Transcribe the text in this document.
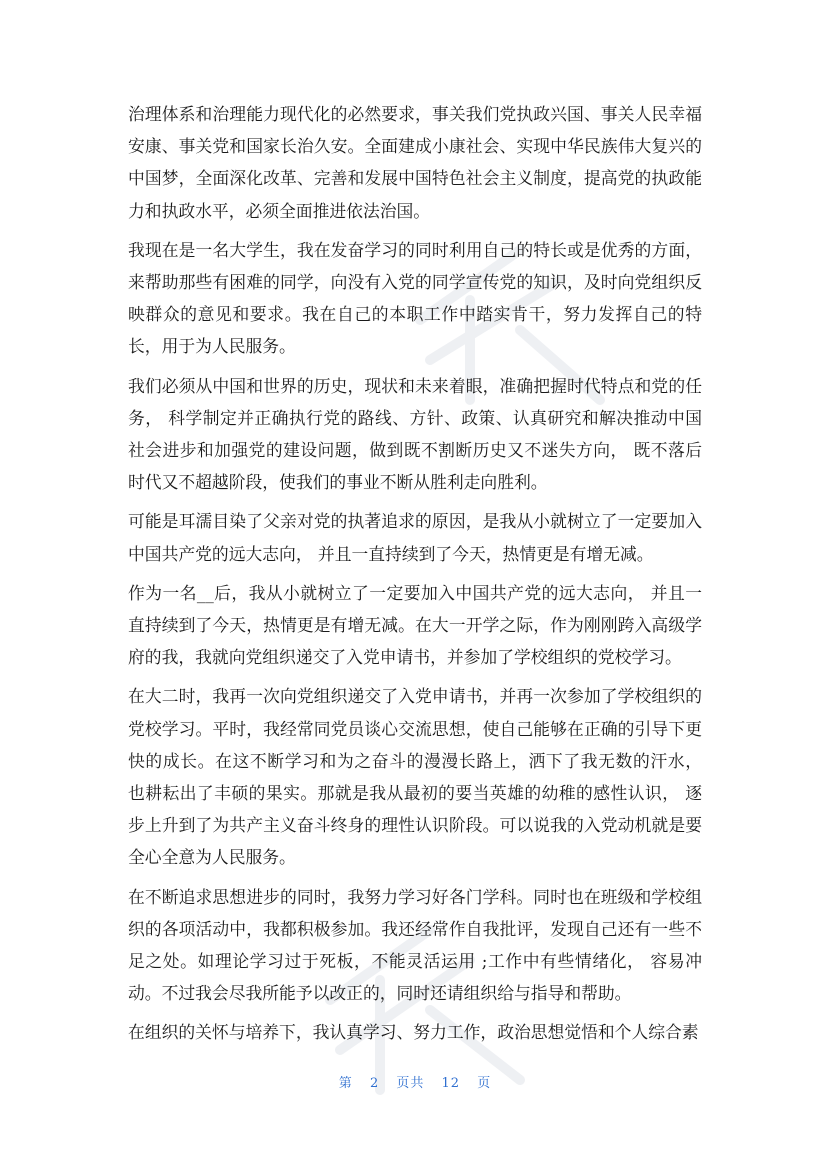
治理体系和治理能力现代化的必然要求，事关我们党执政兴国、事关人民幸福安康、事关党和国家长治久安。全面建成小康社会、实现中华民族伟大复兴的中国梦，全面深化改革、完善和发展中国特色社会主义制度，提高党的执政能力和执政水平，必须全面推进依法治国。

我现在是一名大学生，我在发奋学习的同时利用自己的特长或是优秀的方面，来帮助那些有困难的同学，向没有入党的同学宣传党的知识，及时向党组织反映群众的意见和要求。我在自己的本职工作中踏实肯干，努力发挥自己的特长，用于为人民服务。

我们必须从中国和世界的历史，现状和未来着眼，准确把握时代特点和党的任务， 科学制定并正确执行党的路线、方针、政策、认真研究和解决推动中国社会进步和加强党的建设问题，做到既不割断历史又不迷失方向， 既不落后时代又不超越阶段，使我们的事业不断从胜利走向胜利。

可能是耳濡目染了父亲对党的执著追求的原因，是我从小就树立了一定要加入中国共产党的远大志向， 并且一直持续到了今天，热情更是有增无减。

作为一名__后，我从小就树立了一定要加入中国共产党的远大志向， 并且一直持续到了今天，热情更是有增无减。在大一开学之际，作为刚刚跨入高级学府的我，我就向党组织递交了入党申请书，并参加了学校组织的党校学习。

在大二时，我再一次向党组织递交了入党申请书，并再一次参加了学校组织的党校学习。平时，我经常同党员谈心交流思想，使自己能够在正确的引导下更快的成长。在这不断学习和为之奋斗的漫漫长路上，洒下了我无数的汗水， 也耕耘出了丰硕的果实。那就是我从最初的要当英雄的幼稚的感性认识， 逐步上升到了为共产主义奋斗终身的理性认识阶段。可以说我的入党动机就是要全心全意为人民服务。

在不断追求思想进步的同时，我努力学习好各门学科。同时也在班级和学校组织的各项活动中，我都积极参加。我还经常作自我批评，发现自己还有一些不足之处。如理论学习过于死板，不能灵活运用 ;工作中有些情绪化， 容易冲动。不过我会尽我所能予以改正的，同时还请组织给与指导和帮助。

在组织的关怀与培养下，我认真学习、努力工作，政治思想觉悟和个人综合素

第 2 页共 12 页
